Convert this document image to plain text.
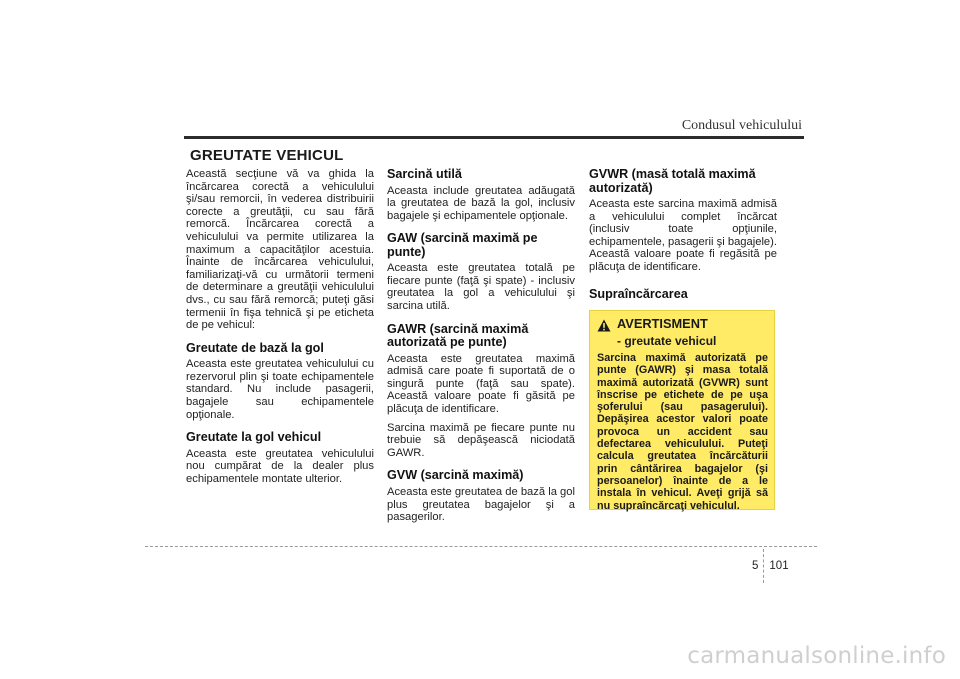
Condusul vehiculului
GREUTATE VEHICUL

Această secţiune vă va ghida la încărcarea corectă a vehiculului şi/sau remorcii, în vederea distribuirii corecte a greutăţii, cu sau fără remorcă. Încărcarea corectă a vehiculului va permite utilizarea la maximum a capacităţilor acestuia. Înainte de încărcarea vehiculului, familiarizaţi-vă cu următorii termeni de determinare a greutăţii vehiculului dvs., cu sau fără remorcă; puteţi găsi termenii în fişa tehnică şi pe eticheta de pe vehicul:

Greutate de bază la gol

Aceasta este greutatea vehiculului cu rezervorul plin şi toate echipamentele standard. Nu include pasagerii, bagajele sau echipamentele opţionale.

Greutate la gol vehicul

Aceasta este greutatea vehiculului nou cumpărat de la dealer plus echipamentele montate ulterior.

Sarcină utilă

Aceasta include greutatea adăugată la greutatea de bază la gol, inclusiv bagajele şi echipamentele opţionale.

GAW (sarcină maximă pe punte)

Aceasta este greutatea totală pe fiecare punte (faţă şi spate) - inclusiv greutatea la gol a vehiculului şi sarcina utilă.

GAWR (sarcină maximă autorizată pe punte)

Aceasta este greutatea maximă admisă care poate fi suportată de o singură punte (faţă sau spate). Această valoare poate fi găsită pe plăcuţa de identificare.

Sarcina maximă pe fiecare punte nu trebuie să depăşească niciodată GAWR.

GVW (sarcină maximă)

Aceasta este greutatea de bază la gol plus greutatea bagajelor şi a pasagerilor.

GVWR (masă totală maximă autorizată)

Aceasta este sarcina maximă admisă a vehiculului complet încărcat (inclusiv toate opţiunile, echipamentele, pasagerii şi bagajele). Această valoare poate fi regăsită pe plăcuţa de identificare.

Supraîncărcarea
AVERTISMENT
- greutate vehicul

Sarcina maximă autorizată pe punte (GAWR) şi masa totală maximă autorizată (GVWR) sunt înscrise pe etichete de pe uşa şoferului (sau pasagerului). Depăşirea acestor valori poate provoca un accident sau defectarea vehiculului. Puteţi calcula greutatea încărcăturii prin cântărirea bagajelor (şi persoanelor) înainte de a le instala în vehicul. Aveţi grijă să nu supraîncărcaţi vehiculul.

5 101
carmanualsonline.info
